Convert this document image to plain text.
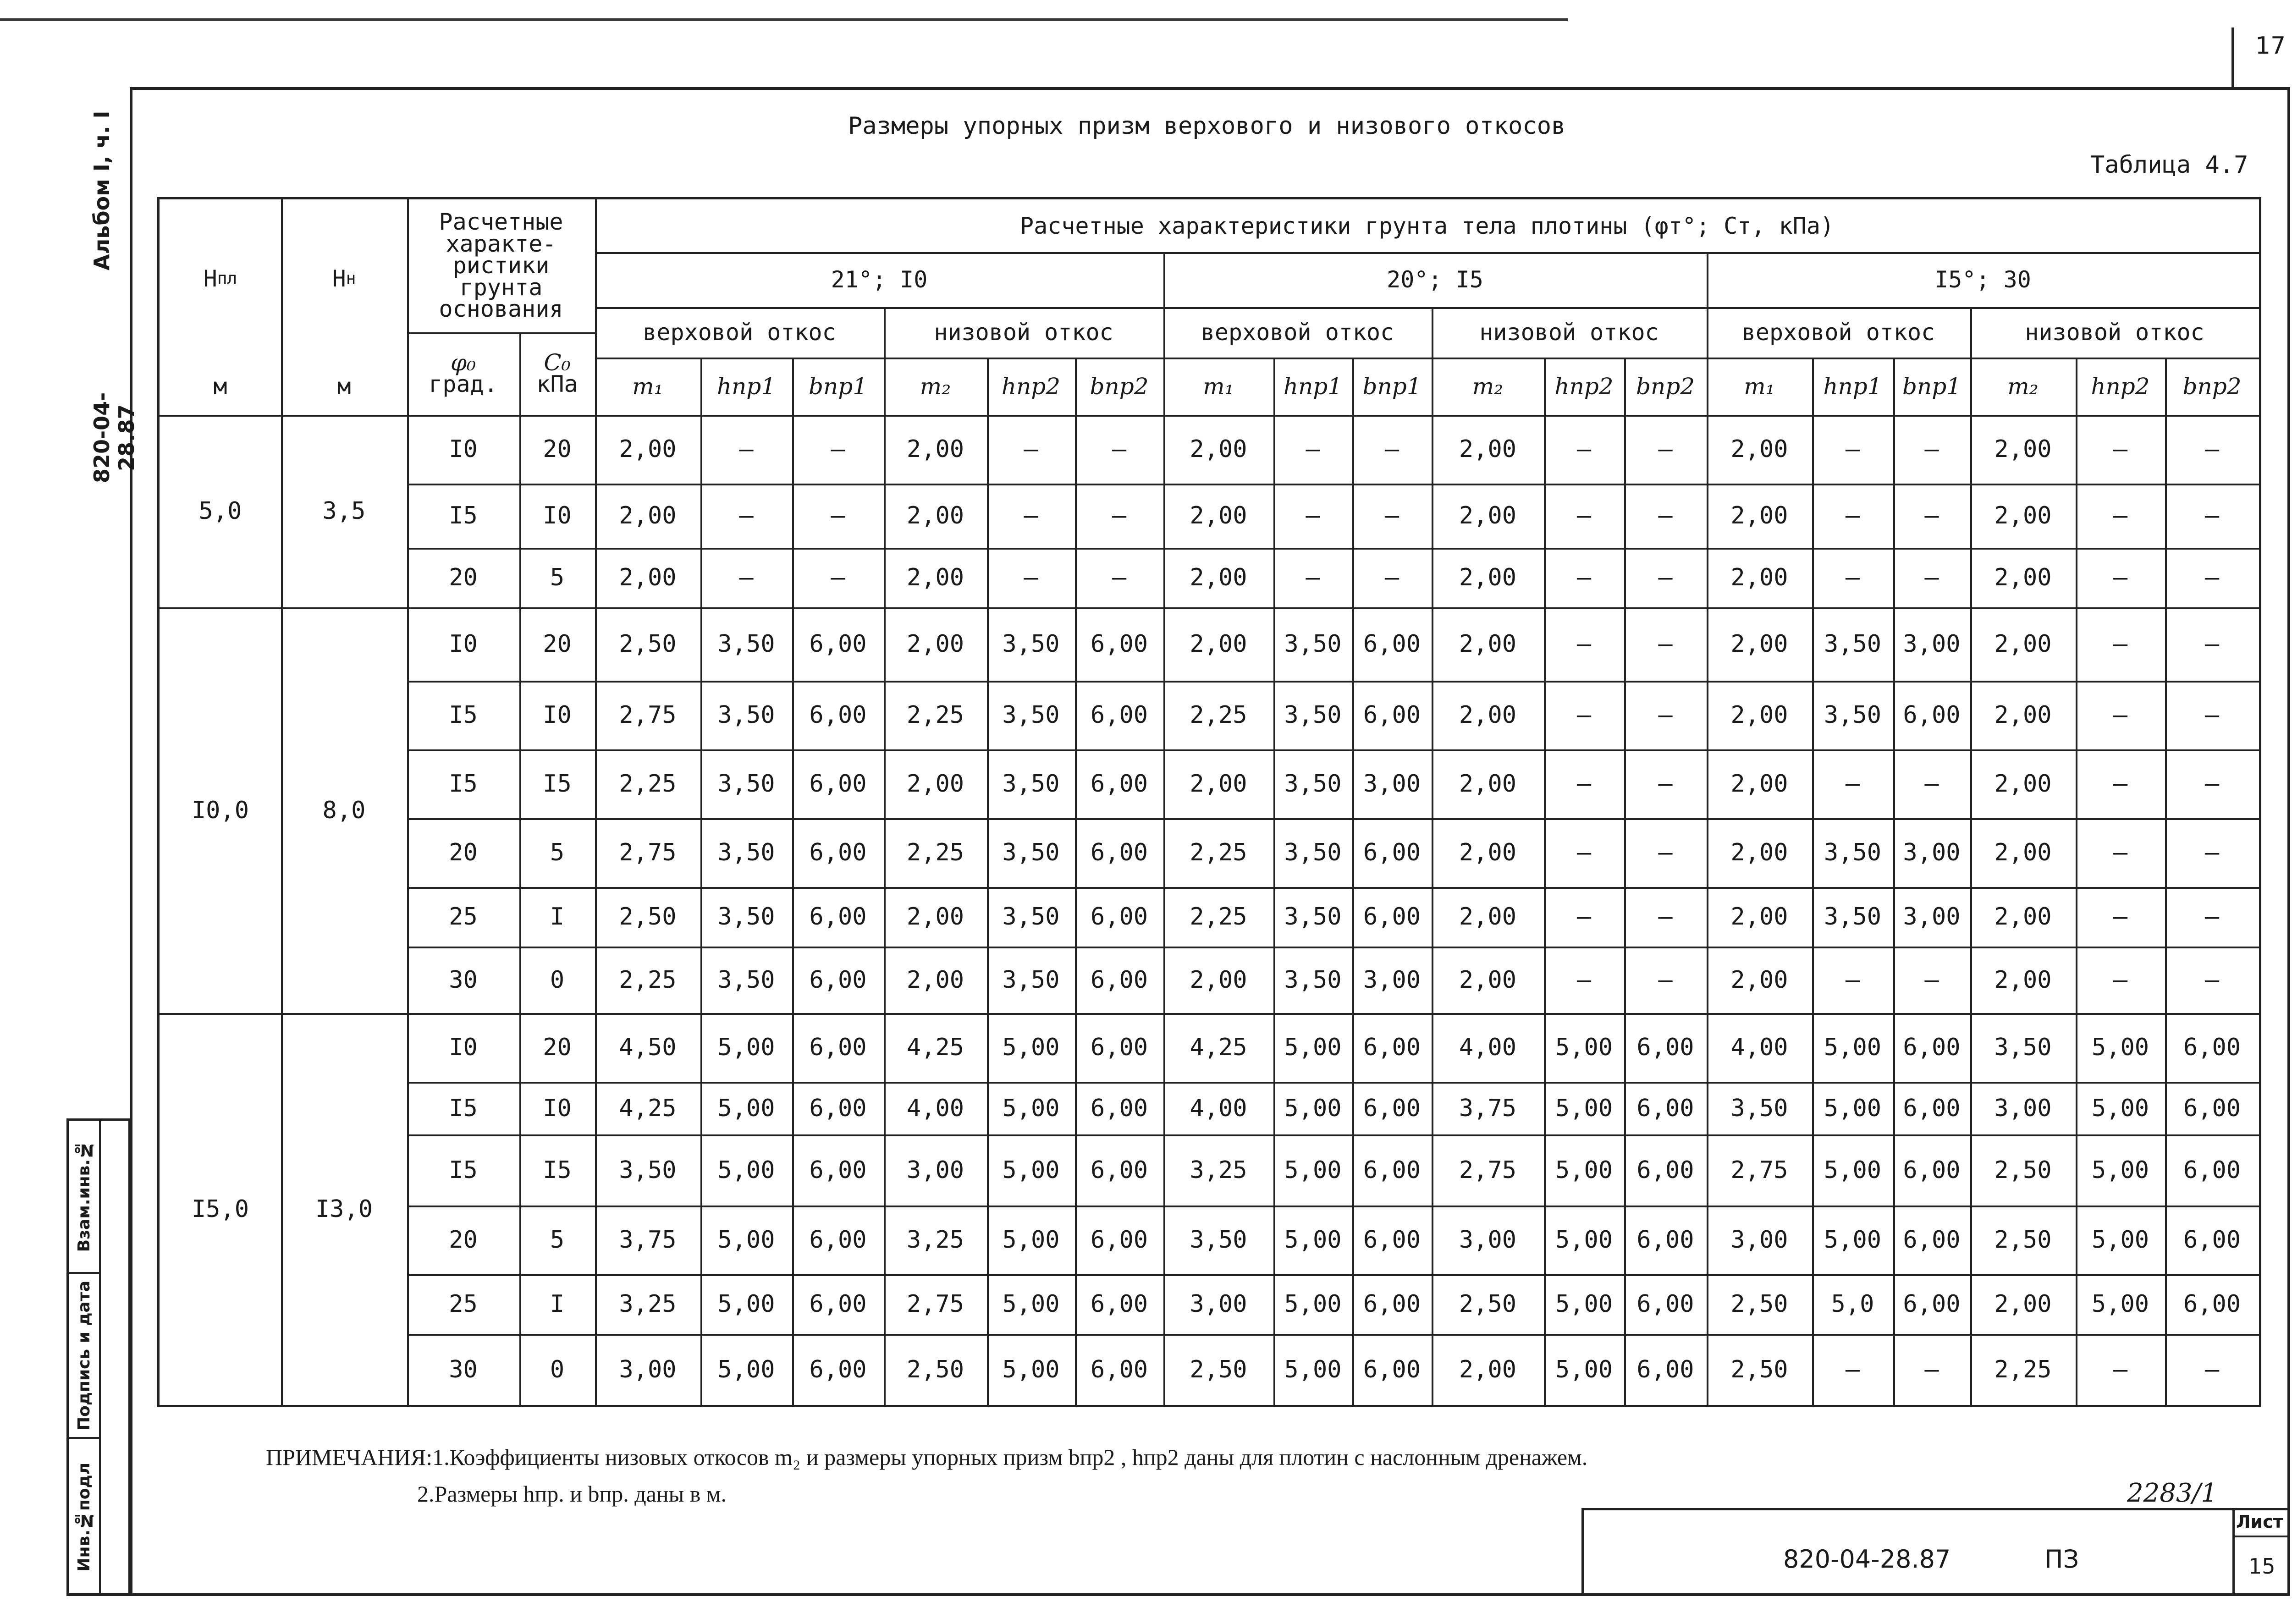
17
Альбом I, ч. I
820-04-28.87
Взам.инв.№
Подпись и дата
Инв.№подл
Размеры упорных призм верхового и низового откосов
Таблица 4.7
H пл
м
H н
м
Расчетные
характе-
ристики
грунта
основания
φ₀
град.
C₀
кПа
Расчетные характеристики грунта тела плотины (φт°; Cт, кПа)
21°; I0
верховой откос
m₁	hпр1	bпр1
низовой откос
m₂	hпр2	bпр2
20°; I5
верховой откос
m₁	hпр1 bпр1
низовой откос
m₂	hпр2 bпр2
I5°; 30
верховой откос
m₁	hпр1 bпр1
низовой откос
m₂	hпр2	bпр2
5,0	3,5
I0	20	2,00	–	–	2,00	–	–	2,00	–	–	2,00	–	–	2,00	–	–	2,00	–	–
I5	I0	2,00	–	–	2,00	–	–	2,00	–	–	2,00	–	–	2,00	–	–	2,00	–	–
20	5	2,00	–	–	2,00	–	–	2,00	–	–	2,00	–	–	2,00	–	–	2,00	–	–
I0,0	8,0
I0	20	2,50	3,50	6,00	2,00	3,50	6,00	2,00	3,50 6,00	2,00	–	–	2,00	3,50 3,00	2,00	–	–
I5	I0	2,75	3,50	6,00	2,25	3,50	6,00	2,25	3,50 6,00	2,00	–	–	2,00	3,50 6,00	2,00	–	–
I5	I5	2,25	3,50	6,00	2,00	3,50	6,00	2,00	3,50 3,00	2,00	–	–	2,00	–	–	2,00	–	–
20	5	2,75	3,50	6,00	2,25	3,50	6,00	2,25	3,50 6,00	2,00	–	–	2,00	3,50 3,00	2,00	–	–
25	I	2,50	3,50	6,00	2,00	3,50	6,00	2,25	3,50 6,00	2,00	–	–	2,00	3,50 3,00	2,00	–	–
30	0	2,25	3,50	6,00	2,00	3,50	6,00	2,00	3,50 3,00	2,00	–	–	2,00	–	–	2,00	–	–
I5,0	I3,0
I0	20	4,50	5,00	6,00	4,25	5,00	6,00	4,25	5,00 6,00	4,00	5,00	6,00	4,00	5,00 6,00	3,50	5,00	6,00
I5	I0	4,25	5,00	6,00	4,00	5,00	6,00	4,00	5,00 6,00	3,75	5,00	6,00	3,50	5,00 6,00	3,00	5,00	6,00
I5	I5	3,50	5,00	6,00	3,00	5,00	6,00	3,25	5,00 6,00	2,75	5,00	6,00	2,75	5,00 6,00	2,50	5,00	6,00
20	5	3,75	5,00	6,00	3,25	5,00	6,00	3,50	5,00 6,00	3,00	5,00	6,00	3,00	5,00 6,00	2,50	5,00	6,00
25	I	3,25	5,00	6,00	2,75	5,00	6,00	3,00	5,00 6,00	2,50	5,00	6,00	2,50	5,0	6,00	2,00	5,00	6,00
30	0	3,00	5,00	6,00	2,50	5,00	6,00	2,50	5,00 6,00	2,00	5,00	6,00	2,50	–	–	2,25	–	–
ПРИМЕЧАНИЯ:1.Коэффициенты низовых откосов m₂ и размеры упорных призм bпр2 , hпр2 даны для плотин с наслонным дренажем.
2.Размеры hпр. и bпр. даны в м.	2283/1
820-04-28.87	ПЗ
Лист
15
